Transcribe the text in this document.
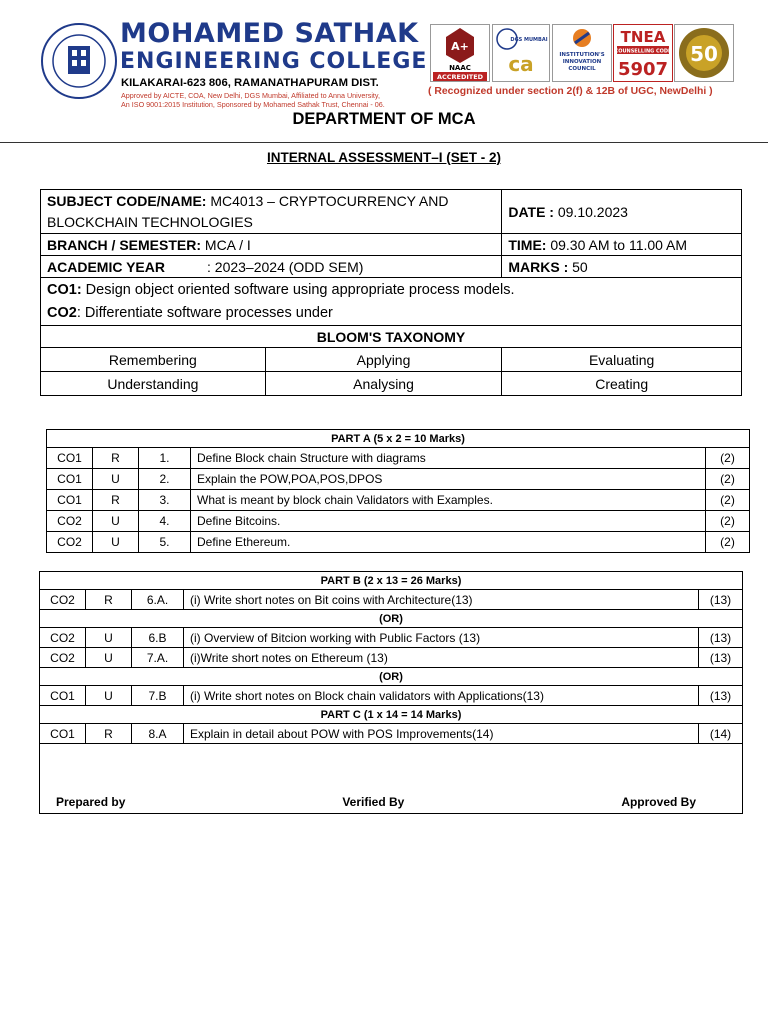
MOHAMED SATHAK
ENGINEERING COLLEGE
KILAKARAI-623 806, RAMANATHAPURAM DIST.
Approved by AICTE, COA, New Delhi, DGS Mumbai, Affiliated to Anna University,
An ISO 9001:2015 Institution, Sponsored by Mohamed Sathak Trust, Chennai - 06.
( Recognized under section 2(f) & 12B of UGC, NewDelhi )
A+
NAAC
ACCREDITED
DGS MUMBAI
ca	INSTITUTION'S INNOVATION COUNCIL
TNEA
COUNSELLING CODE
5907
50
DEPARTMENT OF MCA
INTERNAL ASSESSMENT–I (SET - 2)
SUBJECT CODE/NAME: MC4013 – CRYPTOCURRENCY AND BLOCKCHAIN TECHNOLOGIES		DATE : 09.10.2023
BRANCH / SEMESTER: MCA / I		TIME: 09.30 AM to 11.00 AM
ACADEMIC YEAR : 2023–2024 (ODD SEM)		MARKS : 50

CO1: Design object oriented software using appropriate process models.
CO2: Differentiate software processes under		

BLOOM'S TAXONOMY		
Remembering	Applying	Evaluating
Understanding	Analysing	Creating
PART A (5 x 2 = 10 Marks)				
CO1	R	1.	Define Block chain Structure with diagrams	(2)
CO1	U	2.	Explain the POW,POA,POS,DPOS	(2)
CO1	R	3.	What is meant by block chain Validators with Examples.	(2)
CO2	U	4.	Define Bitcoins.	(2)
CO2	U	5.	Define Ethereum.	(2)
PART B (2 x 13 = 26 Marks)				
CO2	R	6.A.	(i) Write short notes on Bit coins with Architecture(13)	(13)
(OR)				
CO2	U	6.B	(i) Overview of Bitcion working with Public Factors (13)	(13)
CO2	U	7.A.	(i)Write short notes on Ethereum (13)	(13)
(OR)				
CO1	U	7.B	(i) Write short notes on Block chain validators with Applications(13)	(13)
PART C (1 x 14 = 14 Marks)				
CO1	R	8.A	Explain in detail about POW with POS Improvements(14)	(14)

Prepared by Verified By Approved By				
